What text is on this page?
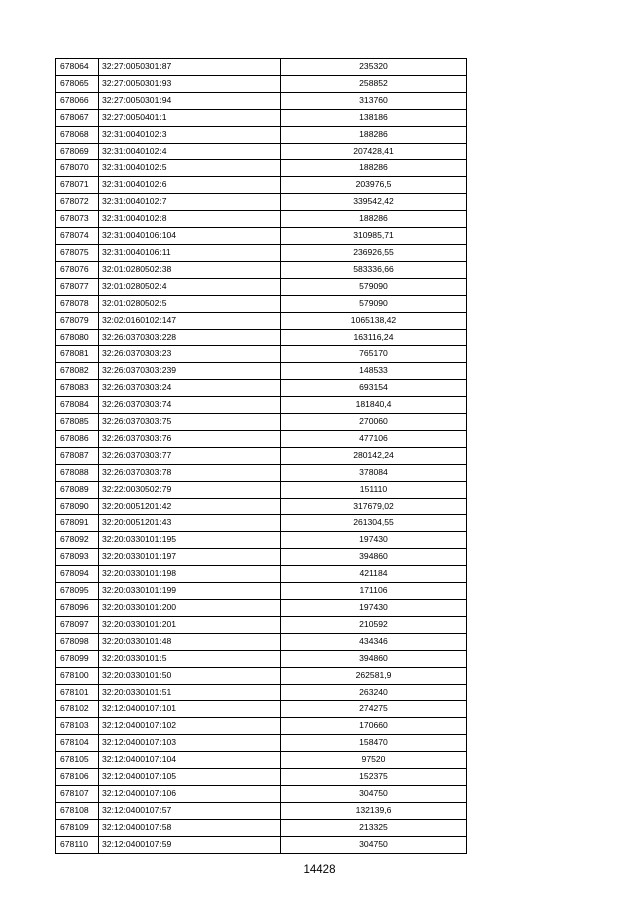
678064	32:27:0050301:87	235320
678065	32:27:0050301:93	258852
678066	32:27:0050301:94	313760
678067	32:27:0050401:1	138186
678068	32:31:0040102:3	188286
678069	32:31:0040102:4	207428,41
678070	32:31:0040102:5	188286
678071	32:31:0040102:6	203976,5
678072	32:31:0040102:7	339542,42
678073	32:31:0040102:8	188286
678074	32:31:0040106:104	310985,71
678075	32:31:0040106:11	236926,55
678076	32:01:0280502:38	583336,66
678077	32:01:0280502:4	579090
678078	32:01:0280502:5	579090
678079	32:02:0160102:147	1065138,42
678080	32:26:0370303:228	163116,24
678081	32:26:0370303:23	765170
678082	32:26:0370303:239	148533
678083	32:26:0370303:24	693154
678084	32:26:0370303:74	181840,4
678085	32:26:0370303:75	270060
678086	32:26:0370303:76	477106
678087	32:26:0370303:77	280142,24
678088	32:26:0370303:78	378084
678089	32:22:0030502:79	151110
678090	32:20:0051201:42	317679,02
678091	32:20:0051201:43	261304,55
678092	32:20:0330101:195	197430
678093	32:20:0330101:197	394860
678094	32:20:0330101:198	421184
678095	32:20:0330101:199	171106
678096	32:20:0330101:200	197430
678097	32:20:0330101:201	210592
678098	32:20:0330101:48	434346
678099	32:20:0330101:5	394860
678100	32:20:0330101:50	262581,9
678101	32:20:0330101:51	263240
678102	32:12:0400107:101	274275
678103	32:12:0400107:102	170660
678104	32:12:0400107:103	158470
678105	32:12:0400107:104	97520
678106	32:12:0400107:105	152375
678107	32:12:0400107:106	304750
678108	32:12:0400107:57	132139,6
678109	32:12:0400107:58	213325
678110	32:12:0400107:59	304750
14428
